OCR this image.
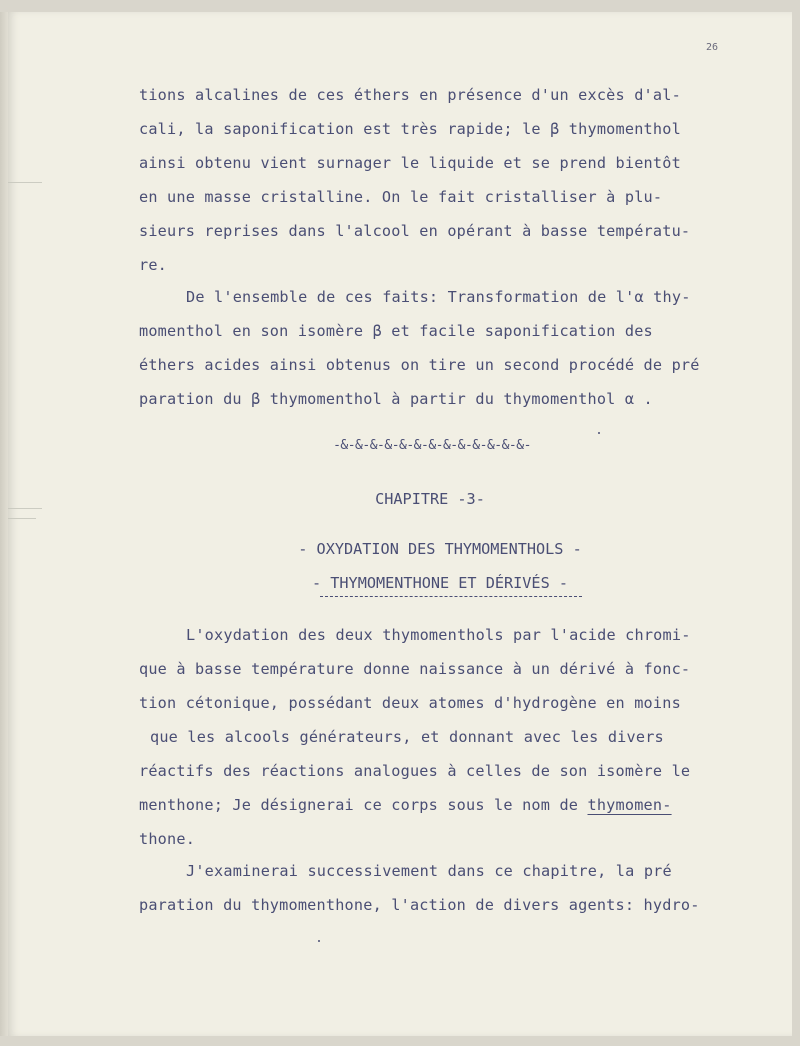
26
tions alcalines de ces éthers en présence d'un excès d'al-
cali, la saponification est très rapide; le β thymomenthol
ainsi obtenu vient surnager le liquide et se prend bientôt
en une masse cristalline. On le fait cristalliser à plu-
sieurs reprises dans l'alcool en opérant à basse températu-
re.
De l'ensemble de ces faits: Transformation de l'α thy-
momenthol en son isomère β et facile saponification des
éthers acides ainsi obtenus on tire un second procédé de pré
paration du β thymomenthol à partir du thymomenthol α .
-&-&-&-&-&-&-&-&-&-&-&-&-&-
CHAPITRE -3-
- OXYDATION DES THYMOMENTHOLS -
- THYMOMENTHONE ET DÉRIVÉS -
L'oxydation des deux thymomenthols par l'acide chromi-
que à basse température donne naissance à un dérivé à fonc-
tion cétonique, possédant deux atomes d'hydrogène en moins
que les alcools générateurs, et donnant avec les divers
réactifs des réactions analogues à celles de son isomère le
menthone; Je désignerai ce corps sous le nom de thymomen-
thone.
J'examinerai successivement dans ce chapitre, la pré
paration du thymomenthone, l'action de divers agents: hydro-
